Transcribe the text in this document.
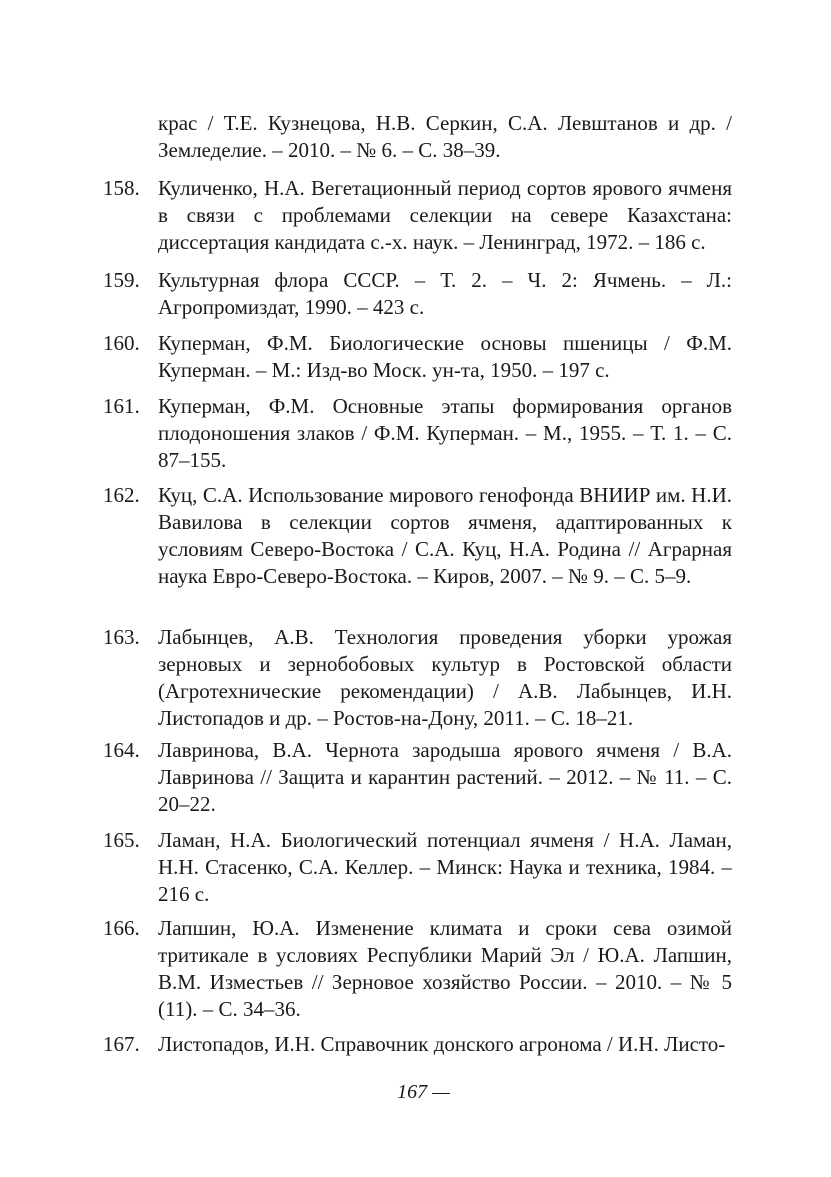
крас / Т.Е. Кузнецова, Н.В. Серкин, С.А. Левштанов и др. / Земледелие. – 2010. – № 6. – С. 38–39.

158. Куличенко, Н.А. Вегетационный период сортов ярового ячменя в связи с проблемами селекции на севере Казахстана: диссертация кандидата с.-х. наук. – Ленинград, 1972. – 186 с.
159. Культурная флора СССР. – Т. 2. – Ч. 2: Ячмень. – Л.: Агропромиздат, 1990. – 423 с.
160. Куперман, Ф.М. Биологические основы пшеницы / Ф.М. Куперман. – М.: Изд-во Моск. ун-та, 1950. – 197 с.
161. Куперман, Ф.М. Основные этапы формирования органов плодоношения злаков / Ф.М. Куперман. – М., 1955. – Т. 1. – С. 87–155.
162. Куц, С.А. Использование мирового генофонда ВНИИР им. Н.И. Вавилова в селекции сортов ячменя, адаптированных к условиям Северо-Востока / С.А. Куц, Н.А. Родина // Аграрная наука Евро-Северо-Востока. – Киров, 2007. – № 9. – С. 5–9.
163. Лабынцев, А.В. Технология проведения уборки урожая зерновых и зернобобовых культур в Ростовской области (Агротехнические рекомендации) / А.В. Лабынцев, И.Н. Листопадов и др. – Ростов-на-Дону, 2011. – С. 18–21.
164. Лавринова, В.А. Чернота зародыша ярового ячменя / В.А. Лавринова // Защита и карантин растений. – 2012. – № 11. – С. 20–22.
165. Ламан, Н.А. Биологический потенциал ячменя / Н.А. Ламан, Н.Н. Стасенко, С.А. Келлер. – Минск: Наука и техника, 1984. – 216 с.
166. Лапшин, Ю.А. Изменение климата и сроки сева озимой тритикале в условиях Республики Марий Эл / Ю.А. Лапшин, В.М. Изместьев // Зерновое хозяйство России. – 2010. – № 5 (11). – С. 34–36.
167. Листопадов, И.Н. Справочник донского агронома / И.Н. Листо-
167 —
